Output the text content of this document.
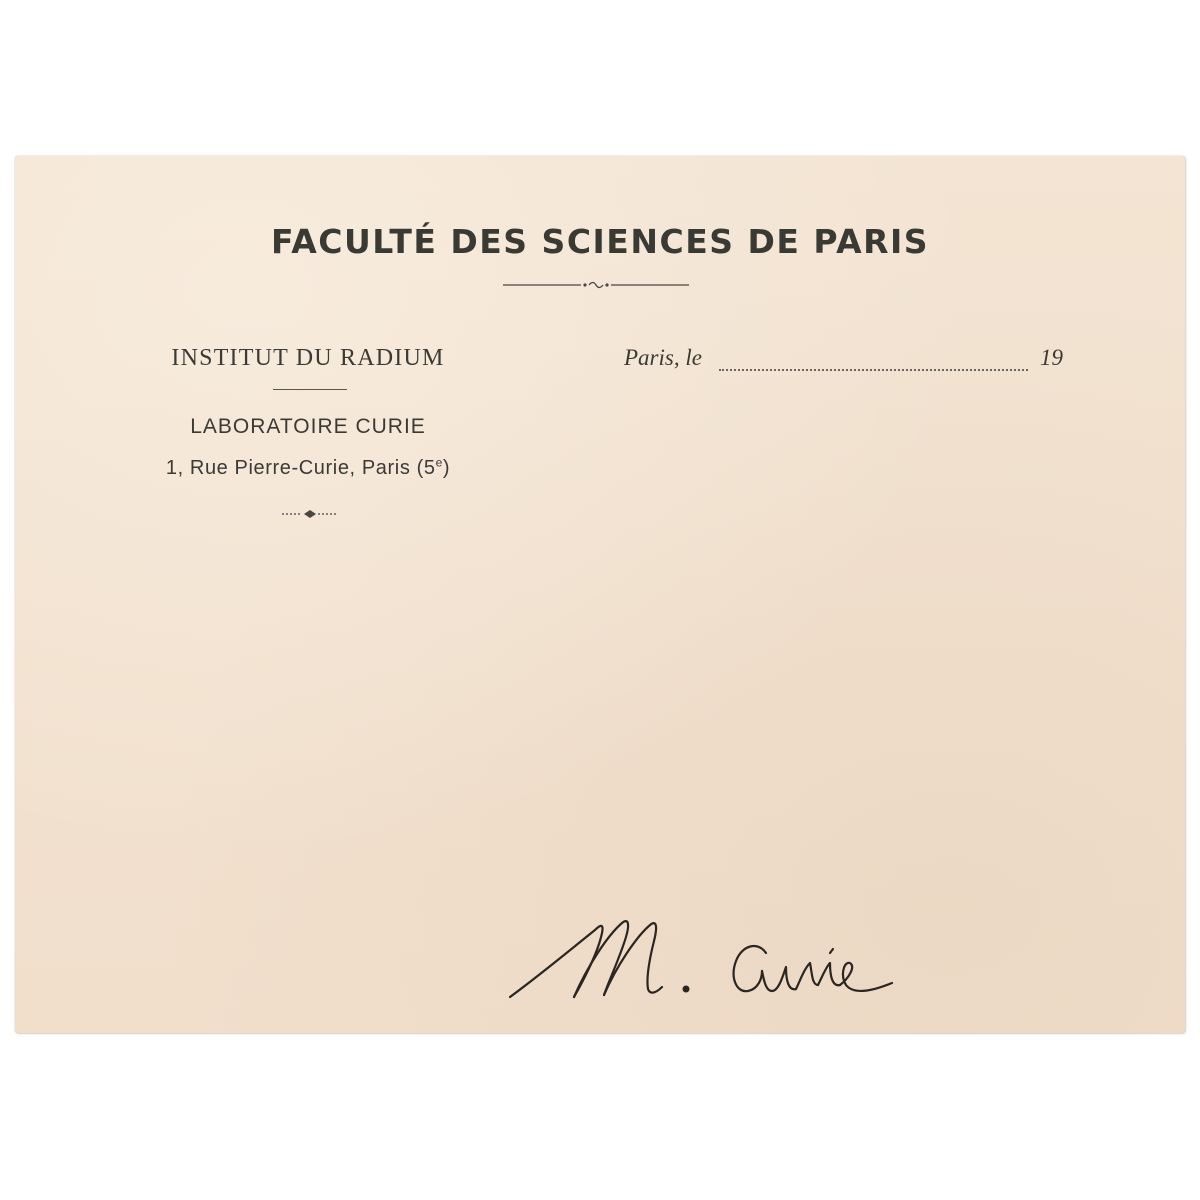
FACULTÉ DES SCIENCES DE PARIS
INSTITUT DU RADIUM
LABORATOIRE CURIE
1, Rue Pierre-Curie, Paris (5e)
Paris, le	19
